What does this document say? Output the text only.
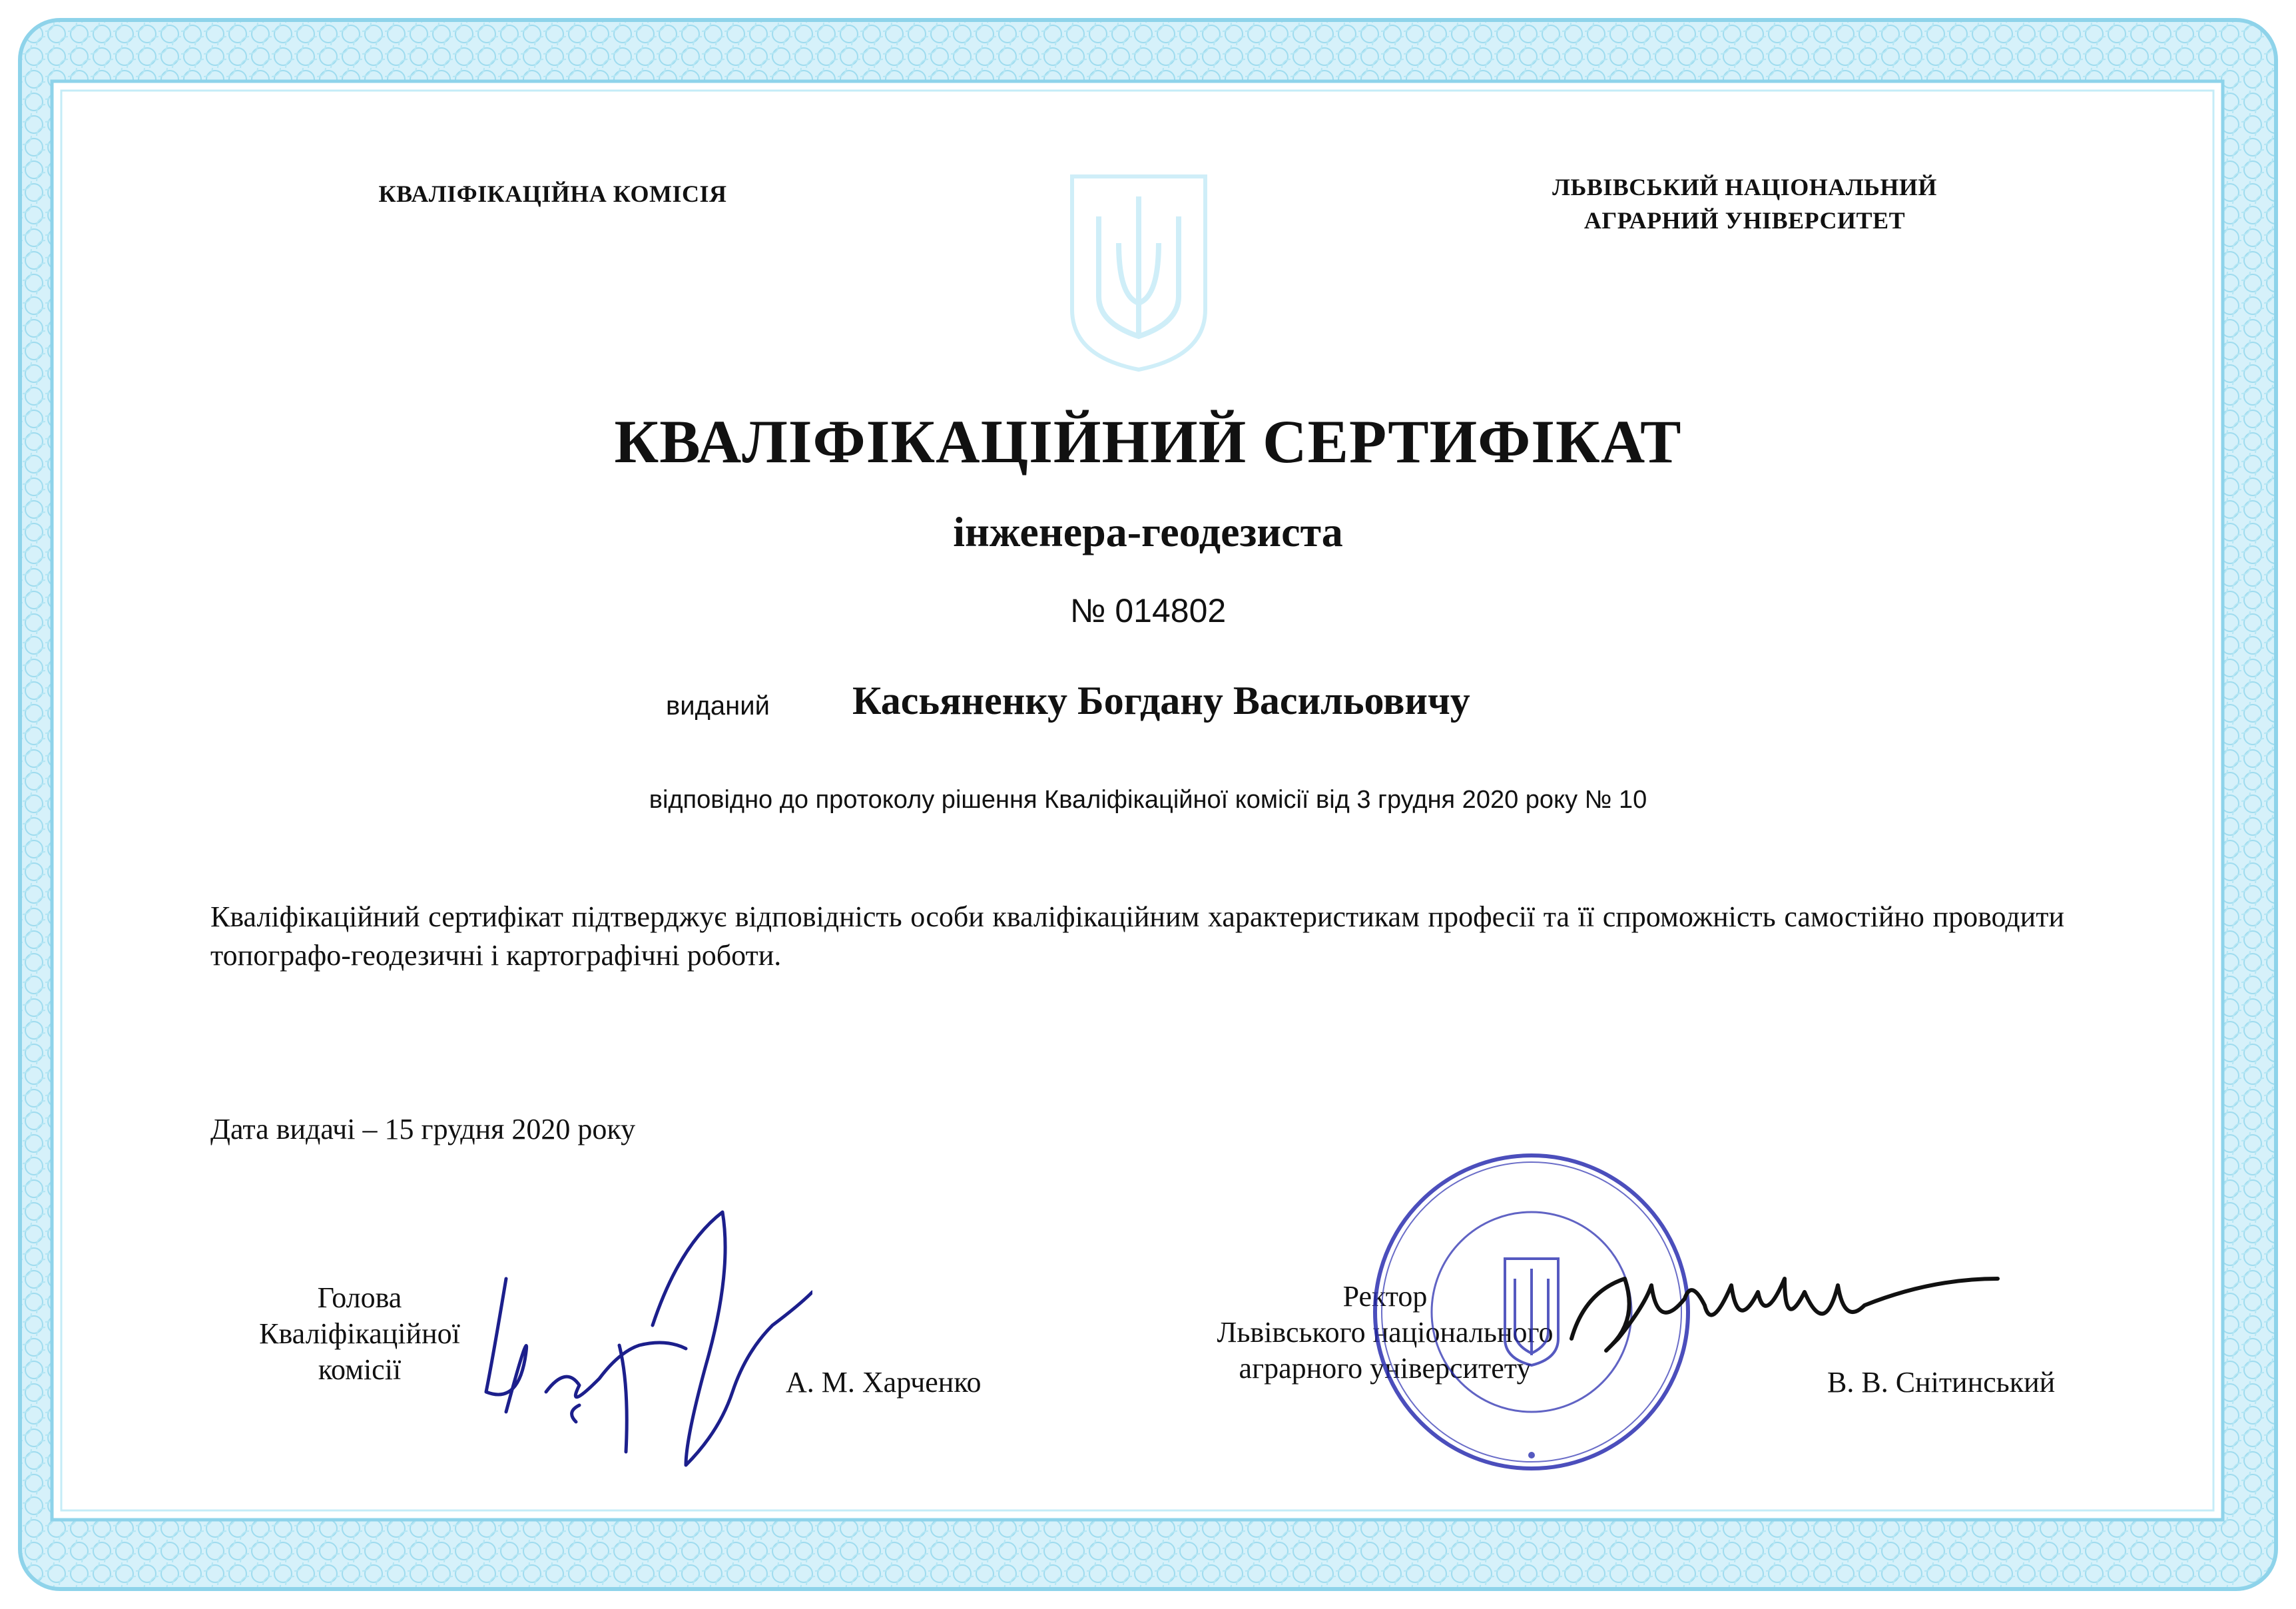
КВАЛІФІКАЦІЙНА КОМІСІЯ	ЛЬВІВСЬКИЙ НАЦІОНАЛЬНИЙ
АГРАРНИЙ УНІВЕРСИТЕТ
КВАЛІФІКАЦІЙНИЙ СЕРТИФІКАТ
інженера-геодезиста
№ 014802
виданий Касьяненку Богдану Васильовичу
відповідно до протоколу рішення Кваліфікаційної комісії від 3 грудня 2020 року № 10
Кваліфікаційний сертифікат підтверджує відповідність особи кваліфікаційним характеристикам професії та її спроможність самостійно проводити топографо-геодезичні і картографічні роботи.
Дата видачі – 15 грудня 2020 року
Голова
Кваліфікаційної
комісії	А. М. Харченко
Ректор
Львівського національного
аграрного університету	В. В. Снітинський
